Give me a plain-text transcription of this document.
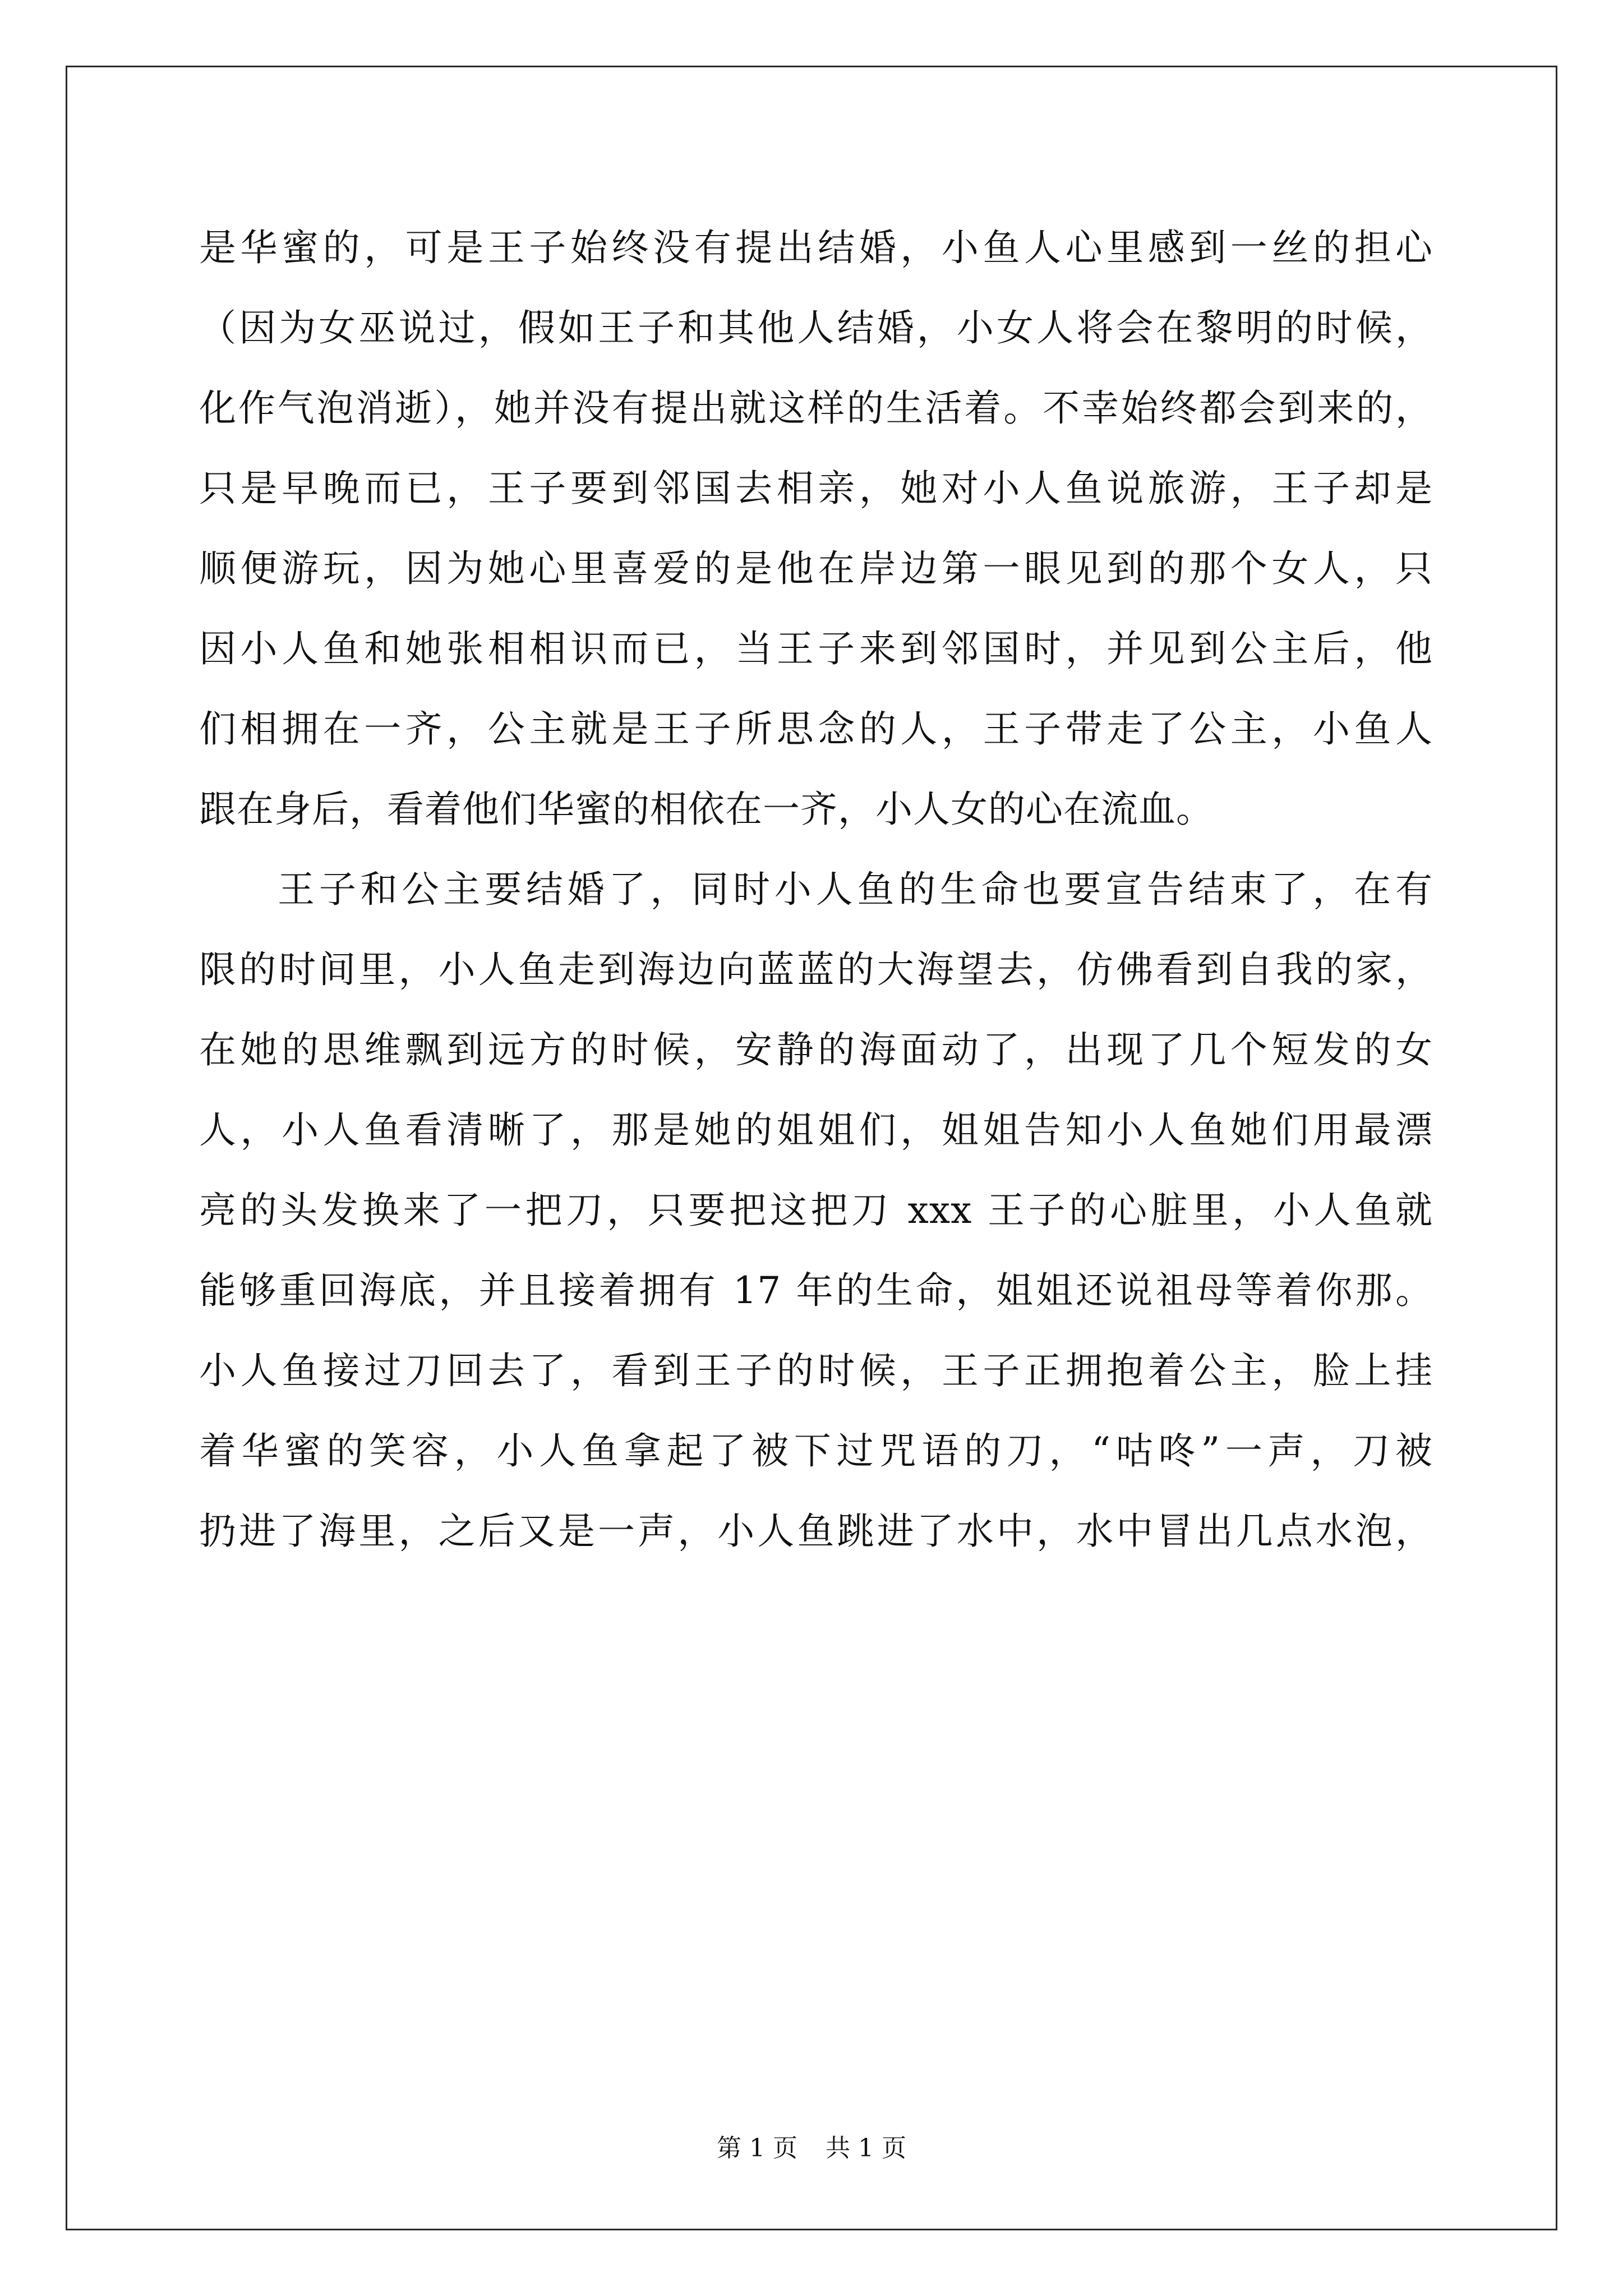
是华蜜的，可是王子始终没有提出结婚，小鱼人心里感到一丝的担心
（因为女巫说过，假如王子和其他人结婚，小女人将会在黎明的时候，
化作气泡消逝），她并没有提出就这样的生活着。不幸始终都会到来的，
只是早晚而已，王子要到邻国去相亲，她对小人鱼说旅游，王子却是
顺便游玩，因为她心里喜爱的是他在岸边第一眼见到的那个女人，只
因小人鱼和她张相相识而已，当王子来到邻国时，并见到公主后，他
们相拥在一齐，公主就是王子所思念的人，王子带走了公主，小鱼人
跟在身后，看着他们华蜜的相依在一齐，小人女的心在流血。
王子和公主要结婚了，同时小人鱼的生命也要宣告结束了，在有
限的时间里，小人鱼走到海边向蓝蓝的大海望去，仿佛看到自我的家，
在她的思维飘到远方的时候，安静的海面动了，出现了几个短发的女
人，小人鱼看清晰了，那是她的姐姐们，姐姐告知小人鱼她们用最漂
亮的头发换来了一把刀，只要把这把刀 xxx 王子的心脏里，小人鱼就
能够重回海底，并且接着拥有 17 年的生命，姐姐还说祖母等着你那。
小人鱼接过刀回去了，看到王子的时候，王子正拥抱着公主，脸上挂
着华蜜的笑容，小人鱼拿起了被下过咒语的刀，“咕咚”一声，刀被
扔进了海里，之后又是一声，小人鱼跳进了水中，水中冒出几点水泡，
第 1 页 共 1 页
